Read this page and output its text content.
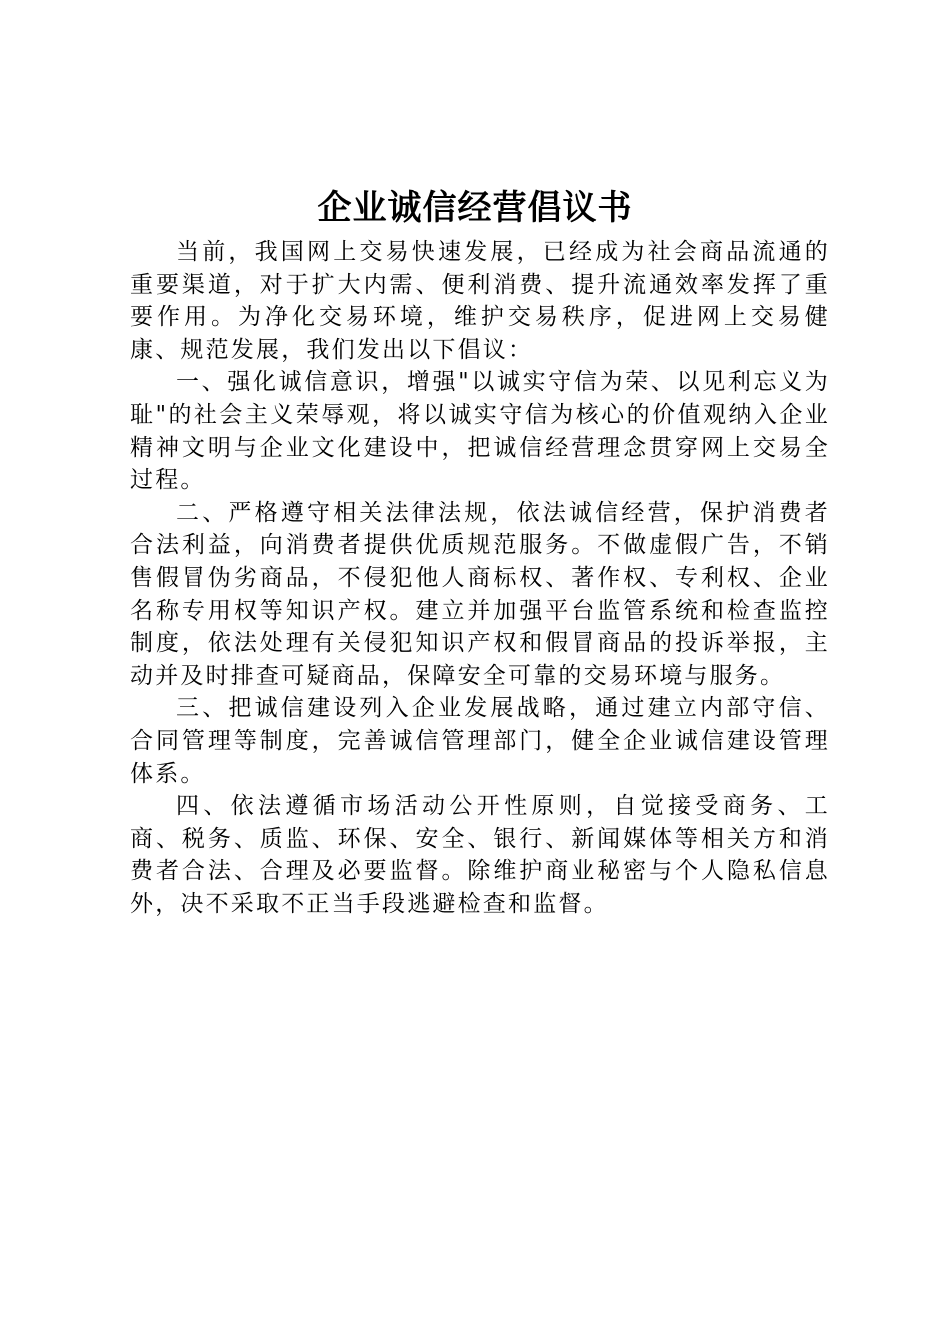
企业诚信经营倡议书

当前，我国网上交易快速发展，已经成为社会商品流通的重要渠道，对于扩大内需、便利消费、提升流通效率发挥了重要作用。为净化交易环境，维护交易秩序，促进网上交易健康、规范发展，我们发出以下倡议：

一、强化诚信意识，增强"以诚实守信为荣、以见利忘义为耻"的社会主义荣辱观，将以诚实守信为核心的价值观纳入企业精神文明与企业文化建设中，把诚信经营理念贯穿网上交易全过程。

二、严格遵守相关法律法规，依法诚信经营，保护消费者合法利益，向消费者提供优质规范服务。不做虚假广告，不销售假冒伪劣商品，不侵犯他人商标权、著作权、专利权、企业名称专用权等知识产权。建立并加强平台监管系统和检查监控制度，依法处理有关侵犯知识产权和假冒商品的投诉举报，主动并及时排查可疑商品，保障安全可靠的交易环境与服务。

三、把诚信建设列入企业发展战略，通过建立内部守信、合同管理等制度，完善诚信管理部门，健全企业诚信建设管理体系。

四、依法遵循市场活动公开性原则，自觉接受商务、工商、税务、质监、环保、安全、银行、新闻媒体等相关方和消费者合法、合理及必要监督。除维护商业秘密与个人隐私信息外，决不采取不正当手段逃避检查和监督。
